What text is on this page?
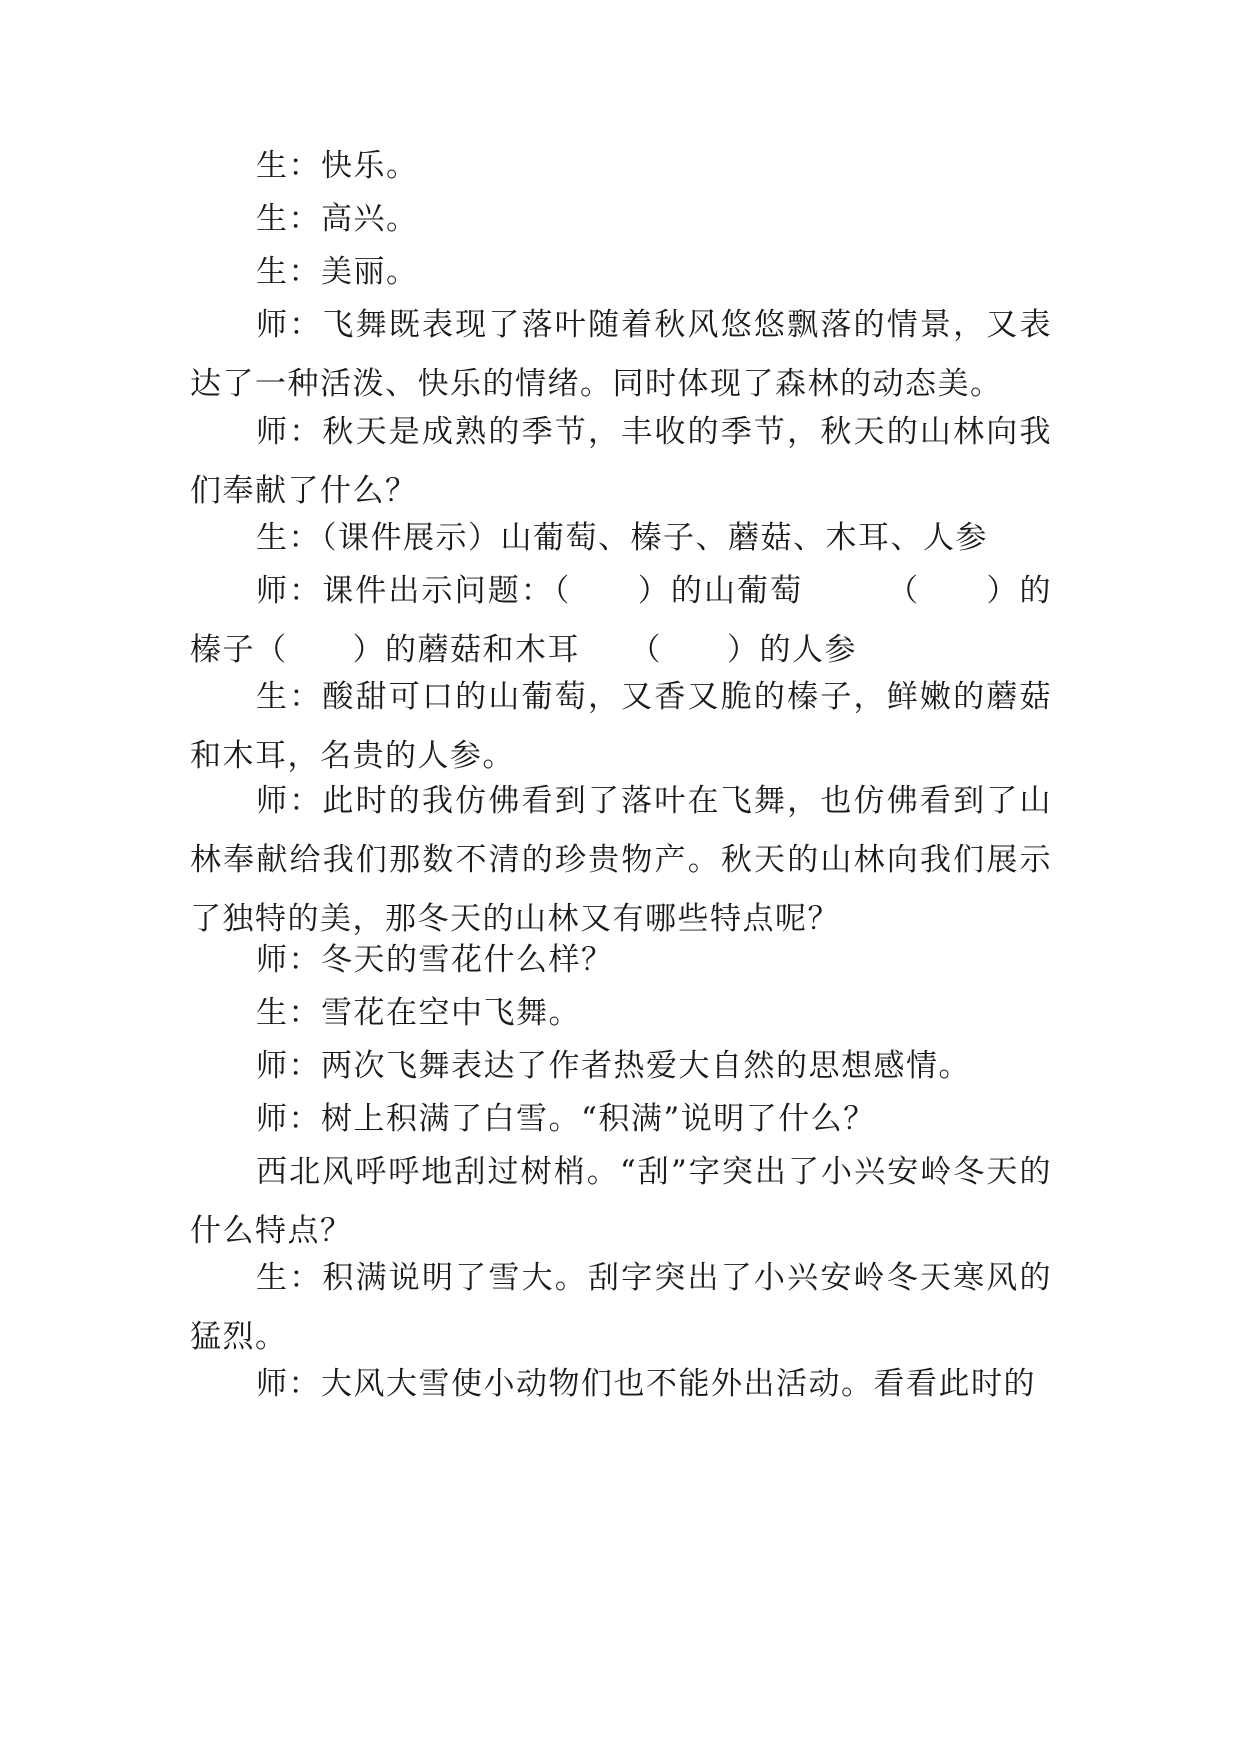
生：快乐。

生：高兴。

生：美丽。

师：飞舞既表现了落叶随着秋风悠悠飘落的情景，又表达了一种活泼、快乐的情绪。同时体现了森林的动态美。

师：秋天是成熟的季节，丰收的季节，秋天的山林向我们奉献了什么？

生：（课件展示）山葡萄、榛子、蘑菇、木耳、人参

师：课件出示问题：（　　）的山葡萄　　　（　　）的榛子（　　）的蘑菇和木耳　　（　　）的人参

生：酸甜可口的山葡萄，又香又脆的榛子，鲜嫩的蘑菇和木耳，名贵的人参。

师：此时的我仿佛看到了落叶在飞舞，也仿佛看到了山林奉献给我们那数不清的珍贵物产。秋天的山林向我们展示了独特的美，那冬天的山林又有哪些特点呢？

师：冬天的雪花什么样？

生：雪花在空中飞舞。

师：两次飞舞表达了作者热爱大自然的思想感情。

师：树上积满了白雪。“积满”说明了什么？

西北风呼呼地刮过树梢。“刮”字突出了小兴安岭冬天的什么特点？

生：积满说明了雪大。刮字突出了小兴安岭冬天寒风的猛烈。

师：大风大雪使小动物们也不能外出活动。看看此时的
